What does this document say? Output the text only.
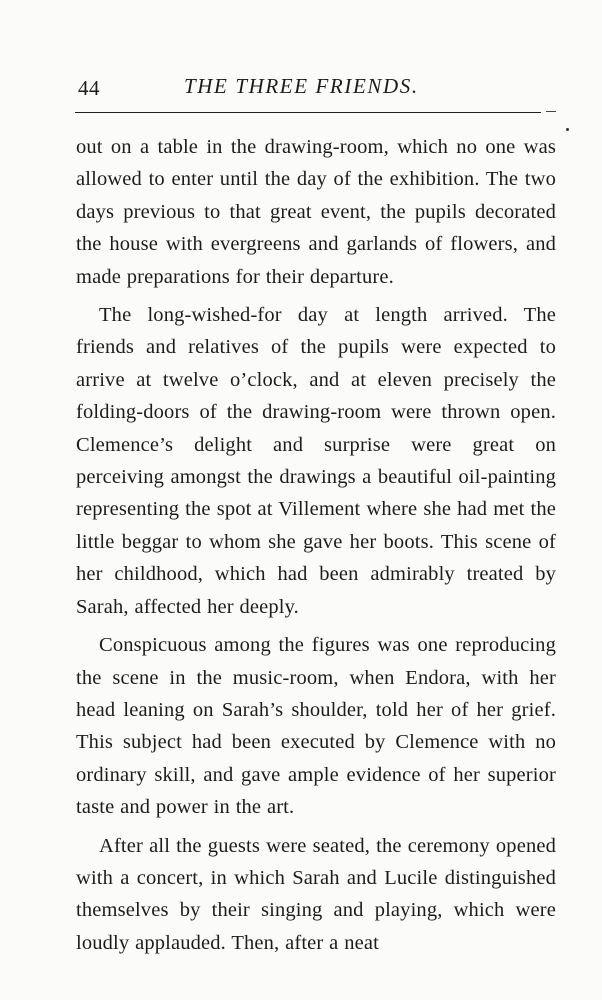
44	THE THREE FRIENDS.

out on a table in the drawing-room, which no one was allowed to enter until the day of the exhibition. The two days previous to that great event, the pupils decorated the house with evergreens and garlands of flowers, and made preparations for their departure.

The long-wished-for day at length arrived. The friends and relatives of the pupils were expected to arrive at twelve o’clock, and at eleven precisely the folding-doors of the drawing-room were thrown open. Clemence’s delight and surprise were great on perceiving amongst the drawings a beautiful oil-painting representing the spot at Villement where she had met the little beggar to whom she gave her boots. This scene of her childhood, which had been admirably treated by Sarah, affected her deeply.

Conspicuous among the figures was one reproducing the scene in the music-room, when Endora, with her head leaning on Sarah’s shoulder, told her of her grief. This subject had been executed by Clemence with no ordinary skill, and gave ample evidence of her superior taste and power in the art.

After all the guests were seated, the ceremony opened with a concert, in which Sarah and Lucile distinguished themselves by their singing and playing, which were loudly applauded. Then, after a neat
